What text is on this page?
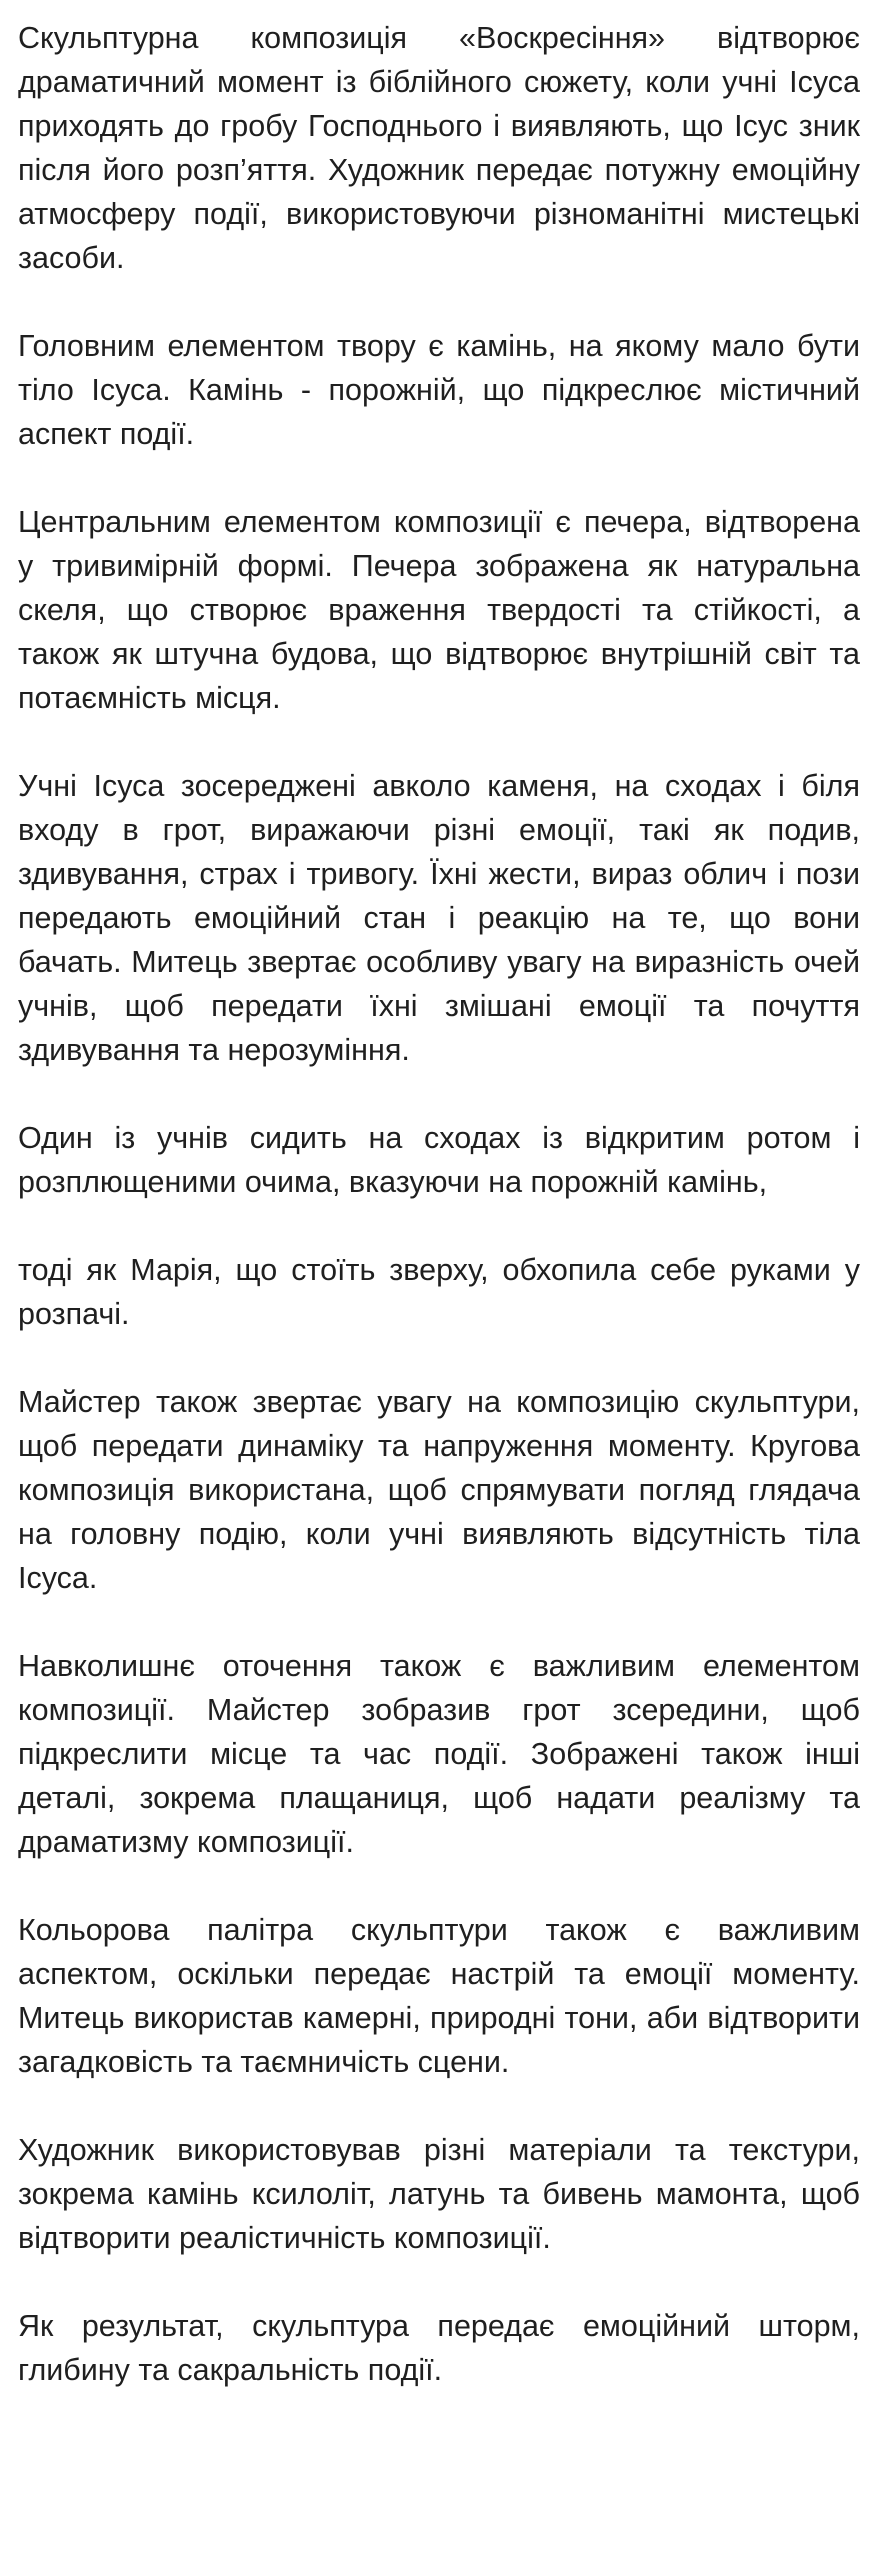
Скульптурна композиція «Воскресіння» відтворює драматичний момент із біблійного сюжету, коли учні Ісуса приходять до гробу Господнього і виявляють, що Ісус зник після його розп’яття. Художник передає потужну емоційну атмосферу події, використовуючи різноманітні мистецькі засоби.

Головним елементом твору є камінь, на якому мало бути тіло Ісуса. Камінь - порожній, що підкреслює містичний аспект події.

Центральним елементом композиції є печера, відтворена у тривимірній формі. Печера зображена як натуральна скеля, що створює враження твердості та стійкості, а також як штучна будова, що відтворює внутрішній світ та потаємність місця.

Учні Ісуса зосереджені авколо каменя, на сходах і біля входу в грот, виражаючи різні емоції, такі як подив, здивування, страх і тривогу. Їхні жести, вираз облич і пози передають емоційний стан і реакцію на те, що вони бачать. Митець звертає особливу увагу на виразність очей учнів, щоб передати їхні змішані емоції та почуття здивування та нерозуміння.

Один із учнів сидить на сходах із відкритим ротом і розплющеними очима, вказуючи на порожній камінь,

тоді як Марія, що стоїть зверху, обхопила себе руками у розпачі.

Майстер також звертає увагу на композицію скульптури, щоб передати динаміку та напруження моменту. Кругова композиція використана, щоб спрямувати погляд глядача на головну подію, коли учні виявляють відсутність тіла Ісуса.

Навколишнє оточення також є важливим елементом композиції. Майстер зобразив грот зсередини, щоб підкреслити місце та час події. Зображені також інші деталі, зокрема плащаниця, щоб надати реалізму та драматизму композиції.

Кольорова палітра скульптури також є важливим аспектом, оскільки передає настрій та емоції моменту. Митець використав камерні, природні тони, аби відтворити загадковість та таємничість сцени.

Художник використовував різні матеріали та текстури, зокрема камінь ксилоліт, латунь та бивень мамонта, щоб відтворити реалістичність композиції.

Як результат, скульптура передає емоційний шторм, глибину та сакральність події.
